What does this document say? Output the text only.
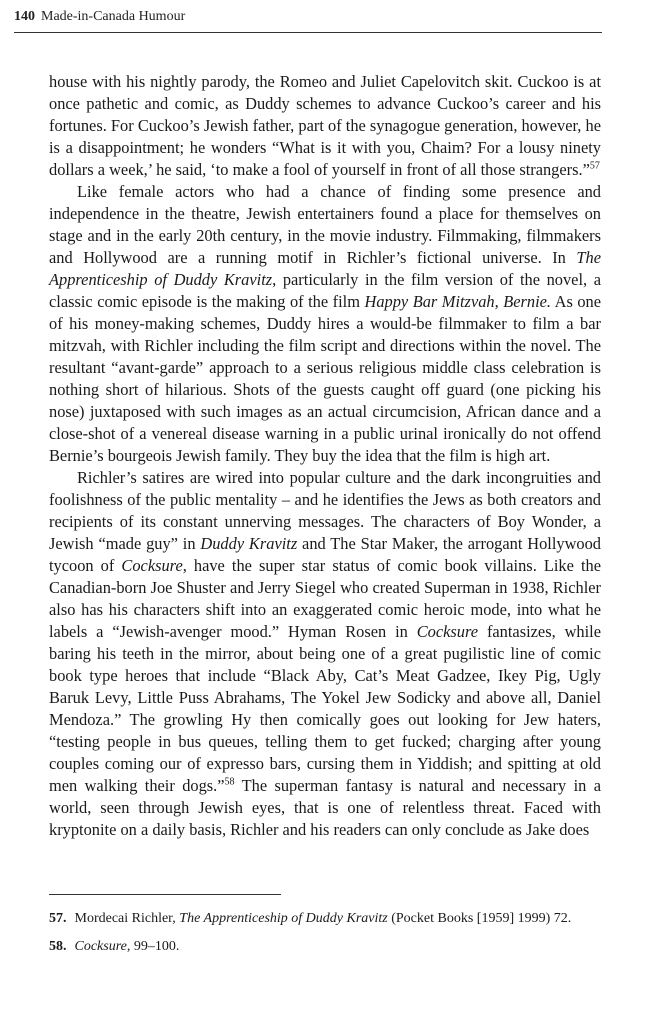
140 Made-in-Canada Humour

house with his nightly parody, the Romeo and Juliet Capelovitch skit. Cuckoo is at once pathetic and comic, as Duddy schemes to advance Cuckoo’s career and his fortunes. For Cuckoo’s Jewish father, part of the synagogue generation, however, he is a disappointment; he wonders “What is it with you, Chaim? For a lousy ninety dollars a week,’ he said, ‘to make a fool of yourself in front of all those strangers.”$^{57}$

Like female actors who had a chance of finding some presence and independence in the theatre, Jewish entertainers found a place for themselves on stage and in the early 20th century, in the movie industry. Filmmaking, filmmakers and Hollywood are a running motif in Richler’s fictional universe. In The Apprenticeship of Duddy Kravitz, particularly in the film version of the novel, a classic comic episode is the making of the film Happy Bar Mitzvah, Bernie. As one of his money-making schemes, Duddy hires a would-be filmmaker to film a bar mitzvah, with Richler including the film script and directions within the novel. The resultant “avant-garde” approach to a serious religious middle class celebration is nothing short of hilarious. Shots of the guests caught off guard (one picking his nose) juxtaposed with such images as an actual circumcision, African dance and a close-shot of a venereal disease warning in a public urinal ironically do not offend Bernie’s bourgeois Jewish family. They buy the idea that the film is high art.

Richler’s satires are wired into popular culture and the dark incongruities and foolishness of the public mentality – and he identifies the Jews as both creators and recipients of its constant unnerving messages. The characters of Boy Wonder, a Jewish “made guy” in Duddy Kravitz and The Star Maker, the arrogant Hollywood tycoon of Cocksure, have the super star status of comic book villains. Like the Canadian-born Joe Shuster and Jerry Siegel who created Superman in 1938, Richler also has his characters shift into an exaggerated comic heroic mode, into what he labels a “Jewish-avenger mood.” Hyman Rosen in Cocksure fantasizes, while baring his teeth in the mirror, about being one of a great pugilistic line of comic book type heroes that include “Black Aby, Cat’s Meat Gadzee, Ikey Pig, Ugly Baruk Levy, Little Puss Abrahams, The Yokel Jew Sodicky and above all, Daniel Mendoza.” The growling Hy then comically goes out looking for Jew haters, “testing people in bus queues, telling them to get fucked; charging after young couples coming our of expresso bars, cursing them in Yiddish; and spitting at old men walking their dogs.”$^{58}$ The superman fantasy is natural and necessary in a world, seen through Jewish eyes, that is one of relentless threat. Faced with kryptonite on a daily basis, Richler and his readers can only conclude as Jake does

57. Mordecai Richler, The Apprenticeship of Duddy Kravitz (Pocket Books [1959] 1999) 72.
58. Cocksure, 99–100.
